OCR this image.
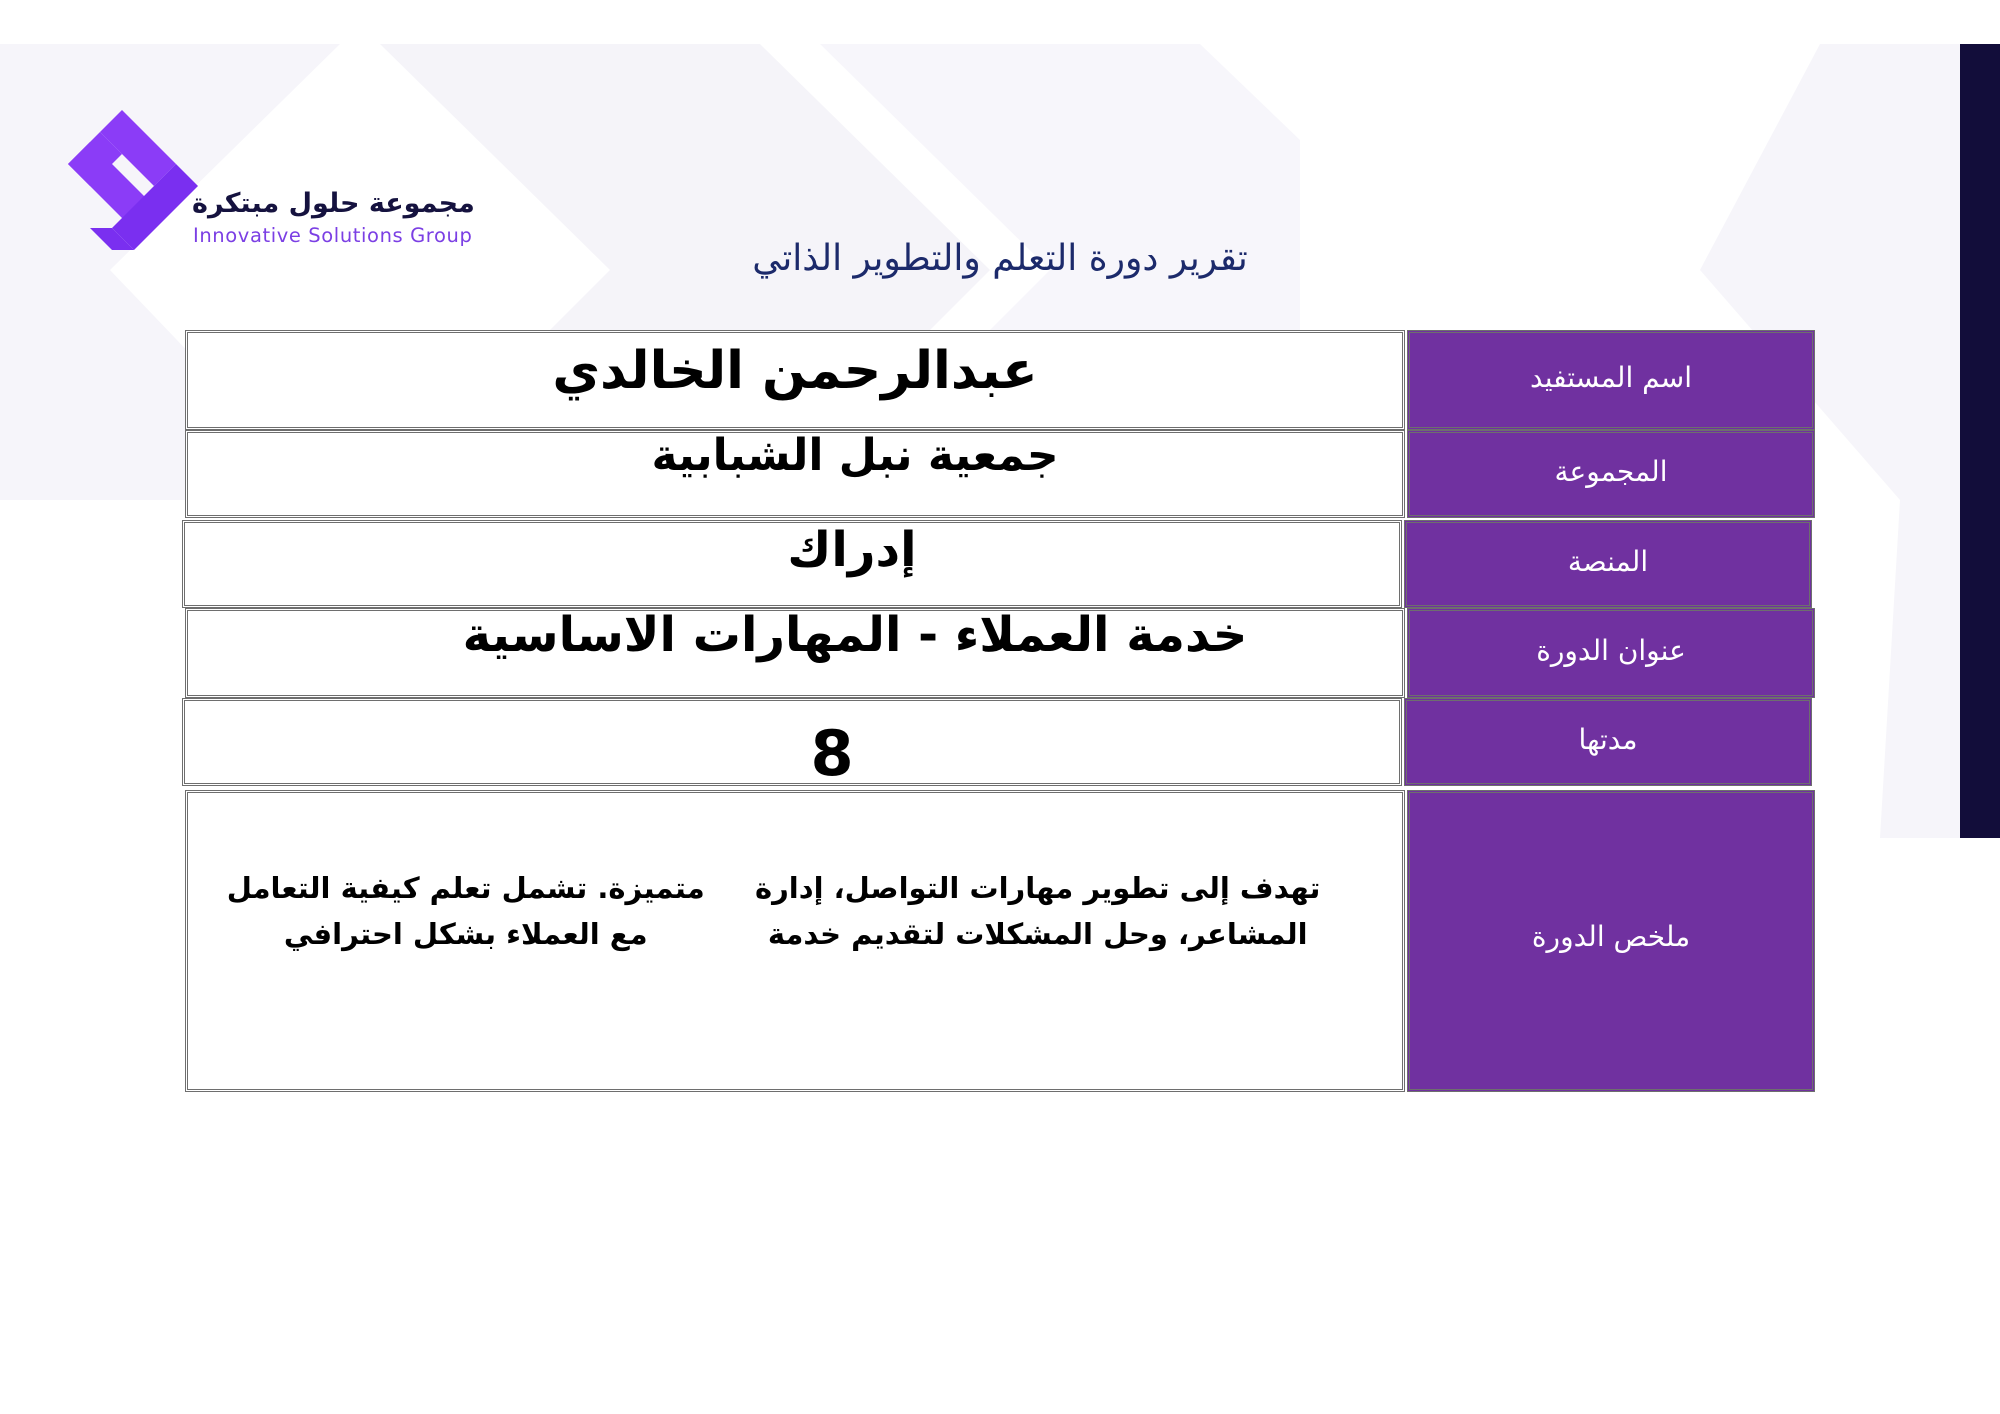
مجموعة حلول مبتكرة
Innovative Solutions Group
تقرير دورة التعلم والتطوير الذاتي
عبدالرحمن الخالدي	اسم المستفيد
جمعية نبل الشبابية	المجموعة
إدراك	المنصة
خدمة العملاء - المهارات الاساسية	عنوان الدورة
8	مدتها
تهدف إلى تطوير مهارات التواصل، إدارة المشاعر، وحل المشكلات لتقديم خدمة
متميزة. تشمل تعلم كيفية التعامل مع العملاء بشكل احترافي	ملخص الدورة
